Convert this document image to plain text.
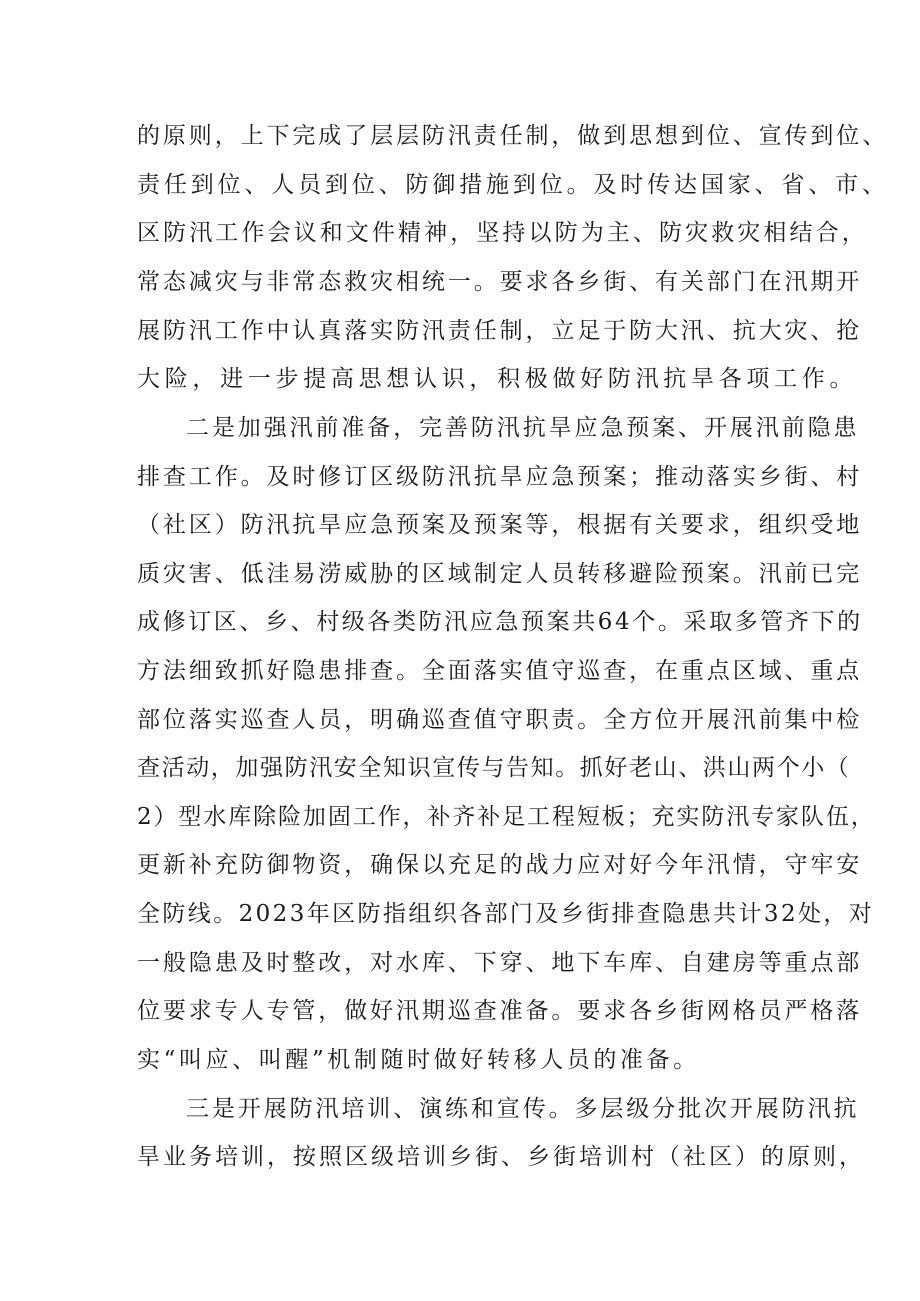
的原则，上下完成了层层防汛责任制，做到思想到位、宣传到位、
责任到位、人员到位、防御措施到位。及时传达国家、省、市、
区防汛工作会议和文件精神，坚持以防为主、防灾救灾相结合，
常态减灾与非常态救灾相统一。要求各乡街、有关部门在汛期开
展防汛工作中认真落实防汛责任制，立足于防大汛、抗大灾、抢
大险，进一步提高思想认识，积极做好防汛抗旱各项工作。
二是加强汛前准备，完善防汛抗旱应急预案、开展汛前隐患
排查工作。及时修订区级防汛抗旱应急预案；推动落实乡街、村
（社区）防汛抗旱应急预案及预案等，根据有关要求，组织受地
质灾害、低洼易涝威胁的区域制定人员转移避险预案。汛前已完
成修订区、乡、村级各类防汛应急预案共64个。采取多管齐下的
方法细致抓好隐患排查。全面落实值守巡查，在重点区域、重点
部位落实巡查人员，明确巡查值守职责。全方位开展汛前集中检
查活动，加强防汛安全知识宣传与告知。抓好老山、洪山两个小（
2）型水库除险加固工作，补齐补足工程短板；充实防汛专家队伍，
更新补充防御物资，确保以充足的战力应对好今年汛情，守牢安
全防线。2023年区防指组织各部门及乡街排查隐患共计32处，对
一般隐患及时整改，对水库、下穿、地下车库、自建房等重点部
位要求专人专管，做好汛期巡查准备。要求各乡街网格员严格落
实“叫应、叫醒”机制随时做好转移人员的准备。
三是开展防汛培训、演练和宣传。多层级分批次开展防汛抗
旱业务培训，按照区级培训乡街、乡街培训村（社区）的原则，
